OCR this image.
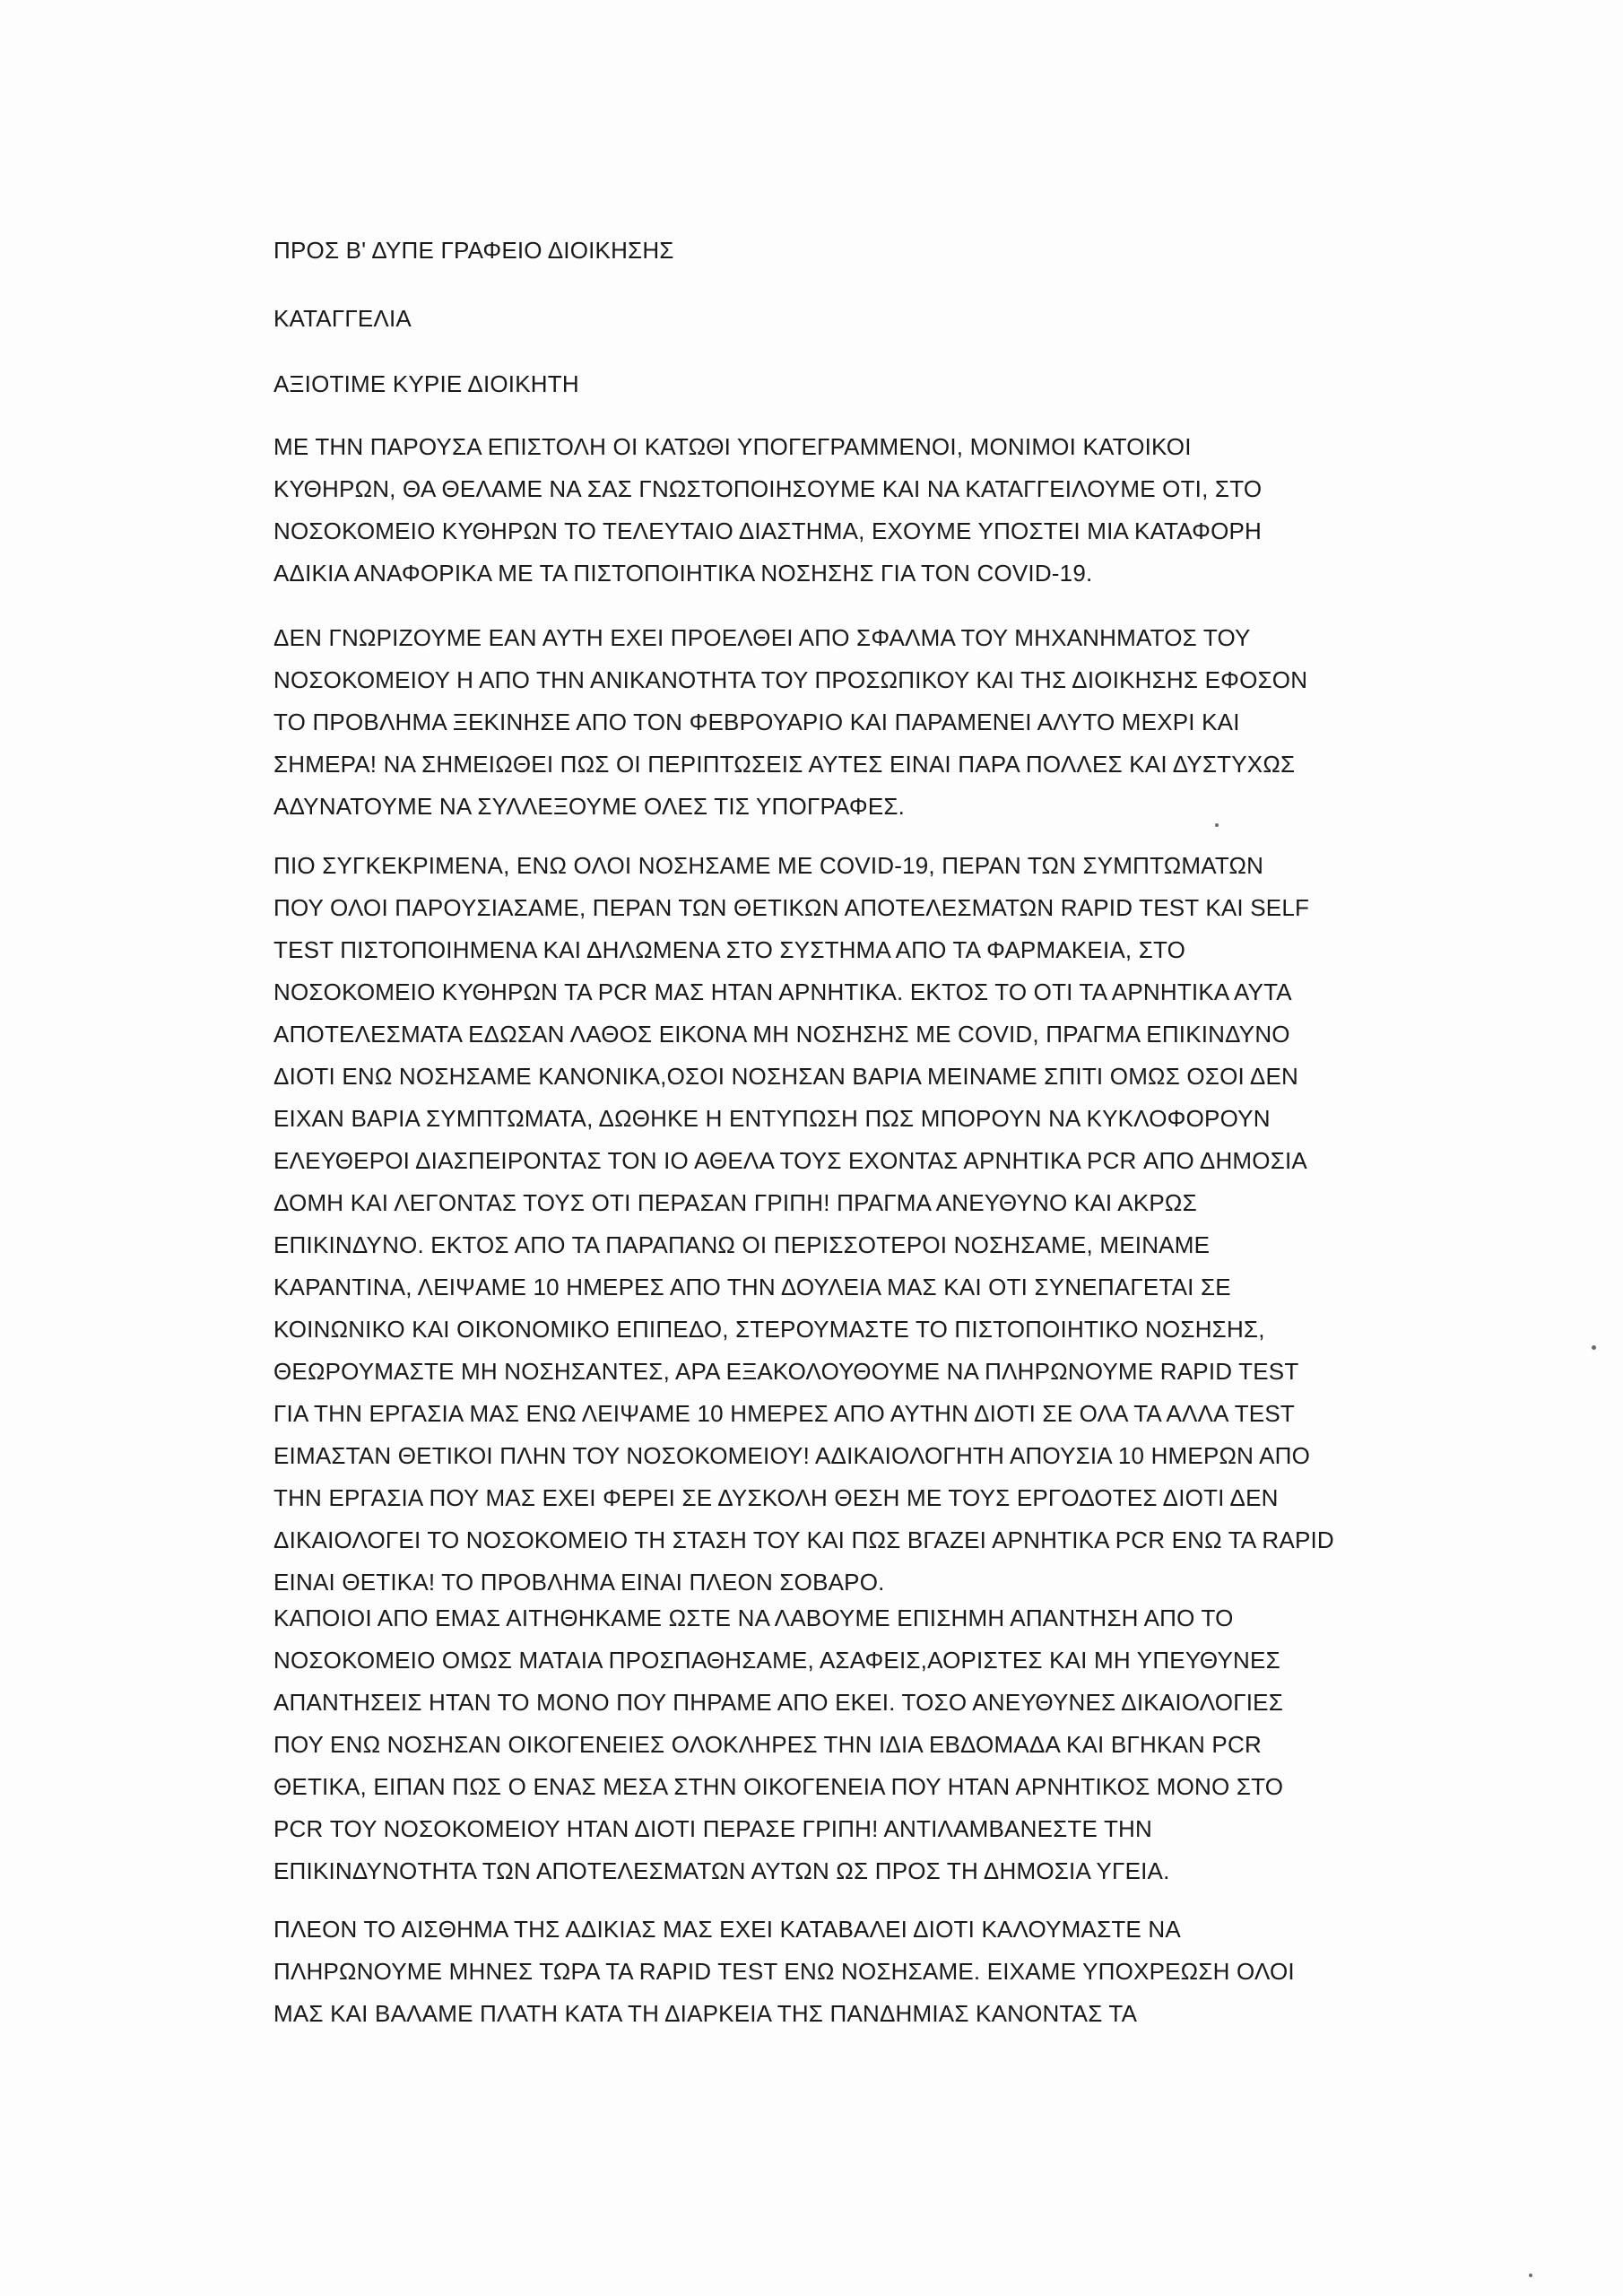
ΠΡΟΣ Β' ΔΥΠΕ ΓΡΑΦΕΙΟ ΔΙΟΙΚΗΣΗΣ
ΚΑΤΑΓΓΕΛΙΑ
ΑΞΙΟΤΙΜΕ ΚΥΡΙΕ ΔΙΟΙΚΗΤΗ
ΜΕ ΤΗΝ ΠΑΡΟΥΣΑ ΕΠΙΣΤΟΛΗ ΟΙ ΚΑΤΩΘΙ ΥΠΟΓΕΓΡΑΜΜΕΝΟΙ, ΜΟΝΙΜΟΙ ΚΑΤΟΙΚΟΙ
ΚΥΘΗΡΩΝ, ΘΑ ΘΕΛΑΜΕ ΝΑ ΣΑΣ ΓΝΩΣΤΟΠΟΙΗΣΟΥΜΕ ΚΑΙ ΝΑ ΚΑΤΑΓΓΕΙΛΟΥΜΕ ΟΤΙ, ΣΤΟ
ΝΟΣΟΚΟΜΕΙΟ ΚΥΘΗΡΩΝ ΤΟ ΤΕΛΕΥΤΑΙΟ ΔΙΑΣΤΗΜΑ, ΕΧΟΥΜΕ ΥΠΟΣΤΕΙ ΜΙΑ ΚΑΤΑΦΟΡΗ
ΑΔΙΚΙΑ ΑΝΑΦΟΡΙΚΑ ΜΕ ΤΑ ΠΙΣΤΟΠΟΙΗΤΙΚΑ ΝΟΣΗΣΗΣ ΓΙΑ ΤΟΝ COVID-19.
ΔΕΝ ΓΝΩΡΙΖΟΥΜΕ ΕΑΝ ΑΥΤΗ ΕΧΕΙ ΠΡΟΕΛΘΕΙ ΑΠΟ ΣΦΑΛΜΑ ΤΟΥ ΜΗΧΑΝΗΜΑΤΟΣ ΤΟΥ
ΝΟΣΟΚΟΜΕΙΟΥ Η ΑΠΟ ΤΗΝ ΑΝΙΚΑΝΟΤΗΤΑ ΤΟΥ ΠΡΟΣΩΠΙΚΟΥ ΚΑΙ ΤΗΣ ΔΙΟΙΚΗΣΗΣ ΕΦΟΣΟΝ
ΤΟ ΠΡΟΒΛΗΜΑ ΞΕΚΙΝΗΣΕ ΑΠΟ ΤΟΝ ΦΕΒΡΟΥΑΡΙΟ ΚΑΙ ΠΑΡΑΜΕΝΕΙ ΑΛΥΤΟ ΜΕΧΡΙ ΚΑΙ
ΣΗΜΕΡΑ! ΝΑ ΣΗΜΕΙΩΘΕΙ ΠΩΣ ΟΙ ΠΕΡΙΠΤΩΣΕΙΣ ΑΥΤΕΣ ΕΙΝΑΙ ΠΑΡΑ ΠΟΛΛΕΣ ΚΑΙ ΔΥΣΤΥΧΩΣ
ΑΔΥΝΑΤΟΥΜΕ ΝΑ ΣΥΛΛΕΞΟΥΜΕ ΟΛΕΣ ΤΙΣ ΥΠΟΓΡΑΦΕΣ.
ΠΙΟ ΣΥΓΚΕΚΡΙΜΕΝΑ, ΕΝΩ ΟΛΟΙ ΝΟΣΗΣΑΜΕ ΜΕ COVID-19, ΠΕΡΑΝ ΤΩΝ ΣΥΜΠΤΩΜΑΤΩΝ
ΠΟΥ ΟΛΟΙ ΠΑΡΟΥΣΙΑΣΑΜΕ, ΠΕΡΑΝ ΤΩΝ ΘΕΤΙΚΩΝ ΑΠΟΤΕΛΕΣΜΑΤΩΝ RAPID TEST ΚΑΙ SELF
TEST ΠΙΣΤΟΠΟΙΗΜΕΝΑ ΚΑΙ ΔΗΛΩΜΕΝΑ ΣΤΟ ΣΥΣΤΗΜΑ ΑΠΟ ΤΑ ΦΑΡΜΑΚΕΙΑ, ΣΤΟ
ΝΟΣΟΚΟΜΕΙΟ ΚΥΘΗΡΩΝ ΤΑ PCR ΜΑΣ ΗΤΑΝ ΑΡΝΗΤΙΚΑ. ΕΚΤΟΣ ΤΟ ΟΤΙ ΤΑ ΑΡΝΗΤΙΚΑ ΑΥΤΑ
ΑΠΟΤΕΛΕΣΜΑΤΑ ΕΔΩΣΑΝ ΛΑΘΟΣ ΕΙΚΟΝΑ ΜΗ ΝΟΣΗΣΗΣ ΜΕ COVID, ΠΡΑΓΜΑ ΕΠΙΚΙΝΔΥΝΟ
ΔΙΟΤΙ ΕΝΩ ΝΟΣΗΣΑΜΕ ΚΑΝΟΝΙΚΑ,ΟΣΟΙ ΝΟΣΗΣΑΝ ΒΑΡΙΑ ΜΕΙΝΑΜΕ ΣΠΙΤΙ ΟΜΩΣ ΟΣΟΙ ΔΕΝ
ΕΙΧΑΝ ΒΑΡΙΑ ΣΥΜΠΤΩΜΑΤΑ, ΔΩΘΗΚΕ Η ΕΝΤΥΠΩΣΗ ΠΩΣ ΜΠΟΡΟΥΝ ΝΑ ΚΥΚΛΟΦΟΡΟΥΝ
ΕΛΕΥΘΕΡΟΙ ΔΙΑΣΠΕΙΡΟΝΤΑΣ ΤΟΝ ΙΟ ΑΘΕΛΑ ΤΟΥΣ ΕΧΟΝΤΑΣ ΑΡΝΗΤΙΚΑ PCR ΑΠΟ ΔΗΜΟΣΙΑ
ΔΟΜΗ ΚΑΙ ΛΕΓΟΝΤΑΣ ΤΟΥΣ ΟΤΙ ΠΕΡΑΣΑΝ ΓΡΙΠΗ! ΠΡΑΓΜΑ ΑΝΕΥΘΥΝΟ ΚΑΙ ΑΚΡΩΣ
ΕΠΙΚΙΝΔΥΝΟ. ΕΚΤΟΣ ΑΠΟ ΤΑ ΠΑΡΑΠΑΝΩ ΟΙ ΠΕΡΙΣΣΟΤΕΡΟΙ ΝΟΣΗΣΑΜΕ, ΜΕΙΝΑΜΕ
ΚΑΡΑΝΤΙΝΑ, ΛΕΙΨΑΜΕ 10 ΗΜΕΡΕΣ ΑΠΟ ΤΗΝ ΔΟΥΛΕΙΑ ΜΑΣ ΚΑΙ ΟΤΙ ΣΥΝΕΠΑΓΕΤΑΙ ΣΕ
ΚΟΙΝΩΝΙΚΟ ΚΑΙ ΟΙΚΟΝΟΜΙΚΟ ΕΠΙΠΕΔΟ, ΣΤΕΡΟΥΜΑΣΤΕ ΤΟ ΠΙΣΤΟΠΟΙΗΤΙΚΟ ΝΟΣΗΣΗΣ,
ΘΕΩΡΟΥΜΑΣΤΕ ΜΗ ΝΟΣΗΣΑΝΤΕΣ, ΑΡΑ ΕΞΑΚΟΛΟΥΘΟΥΜΕ ΝΑ ΠΛΗΡΩΝΟΥΜΕ RAPID TEST
ΓΙΑ ΤΗΝ ΕΡΓΑΣΙΑ ΜΑΣ ΕΝΩ ΛΕΙΨΑΜΕ 10 ΗΜΕΡΕΣ ΑΠΟ ΑΥΤΗΝ ΔΙΟΤΙ ΣΕ ΟΛΑ ΤΑ ΑΛΛΑ TEST
ΕΙΜΑΣΤΑΝ ΘΕΤΙΚΟΙ ΠΛΗΝ ΤΟΥ ΝΟΣΟΚΟΜΕΙΟΥ! ΑΔΙΚΑΙΟΛΟΓΗΤΗ ΑΠΟΥΣΙΑ 10 ΗΜΕΡΩΝ ΑΠΟ
ΤΗΝ ΕΡΓΑΣΙΑ ΠΟΥ ΜΑΣ ΕΧΕΙ ΦΕΡΕΙ ΣΕ ΔΥΣΚΟΛΗ ΘΕΣΗ ΜΕ ΤΟΥΣ ΕΡΓΟΔΟΤΕΣ ΔΙΟΤΙ ΔΕΝ
ΔΙΚΑΙΟΛΟΓΕΙ ΤΟ ΝΟΣΟΚΟΜΕΙΟ ΤΗ ΣΤΑΣΗ ΤΟΥ ΚΑΙ ΠΩΣ ΒΓΑΖΕΙ ΑΡΝΗΤΙΚΑ PCR ΕΝΩ ΤΑ RAPID
ΕΙΝΑΙ ΘΕΤΙΚΑ! ΤΟ ΠΡΟΒΛΗΜΑ ΕΙΝΑΙ ΠΛΕΟΝ ΣΟΒΑΡΟ.
ΚΑΠΟΙΟΙ ΑΠΟ ΕΜΑΣ ΑΙΤΗΘΗΚΑΜΕ ΩΣΤΕ ΝΑ ΛΑΒΟΥΜΕ ΕΠΙΣΗΜΗ ΑΠΑΝΤΗΣΗ ΑΠΟ ΤΟ
ΝΟΣΟΚΟΜΕΙΟ ΟΜΩΣ ΜΑΤΑΙΑ ΠΡΟΣΠΑΘΗΣΑΜΕ, ΑΣΑΦΕΙΣ,ΑΟΡΙΣΤΕΣ ΚΑΙ ΜΗ ΥΠΕΥΘΥΝΕΣ
ΑΠΑΝΤΗΣΕΙΣ ΗΤΑΝ ΤΟ ΜΟΝΟ ΠΟΥ ΠΗΡΑΜΕ ΑΠΟ ΕΚΕΙ. ΤΟΣΟ ΑΝΕΥΘΥΝΕΣ ΔΙΚΑΙΟΛΟΓΙΕΣ
ΠΟΥ ΕΝΩ ΝΟΣΗΣΑΝ ΟΙΚΟΓΕΝΕΙΕΣ ΟΛΟΚΛΗΡΕΣ ΤΗΝ ΙΔΙΑ ΕΒΔΟΜΑΔΑ ΚΑΙ ΒΓΗΚΑΝ PCR
ΘΕΤΙΚΑ, ΕΙΠΑΝ ΠΩΣ Ο ΕΝΑΣ ΜΕΣΑ ΣΤΗΝ ΟΙΚΟΓΕΝΕΙΑ ΠΟΥ ΗΤΑΝ ΑΡΝΗΤΙΚΟΣ ΜΟΝΟ ΣΤΟ
PCR ΤΟΥ ΝΟΣΟΚΟΜΕΙΟΥ ΗΤΑΝ ΔΙΟΤΙ ΠΕΡΑΣΕ ΓΡΙΠΗ! ΑΝΤΙΛΑΜΒΑΝΕΣΤΕ ΤΗΝ
ΕΠΙΚΙΝΔΥΝΟΤΗΤΑ ΤΩΝ ΑΠΟΤΕΛΕΣΜΑΤΩΝ ΑΥΤΩΝ ΩΣ ΠΡΟΣ ΤΗ ΔΗΜΟΣΙΑ ΥΓΕΙΑ.
ΠΛΕΟΝ ΤΟ ΑΙΣΘΗΜΑ ΤΗΣ ΑΔΙΚΙΑΣ ΜΑΣ ΕΧΕΙ ΚΑΤΑΒΑΛΕΙ ΔΙΟΤΙ ΚΑΛΟΥΜΑΣΤΕ ΝΑ
ΠΛΗΡΩΝΟΥΜΕ ΜΗΝΕΣ ΤΩΡΑ ΤΑ RAPID TEST ΕΝΩ ΝΟΣΗΣΑΜΕ. ΕΙΧΑΜΕ ΥΠΟΧΡΕΩΣΗ ΟΛΟΙ
ΜΑΣ ΚΑΙ ΒΑΛΑΜΕ ΠΛΑΤΗ ΚΑΤΑ ΤΗ ΔΙΑΡΚΕΙΑ ΤΗΣ ΠΑΝΔΗΜΙΑΣ ΚΑΝΟΝΤΑΣ ΤΑ
